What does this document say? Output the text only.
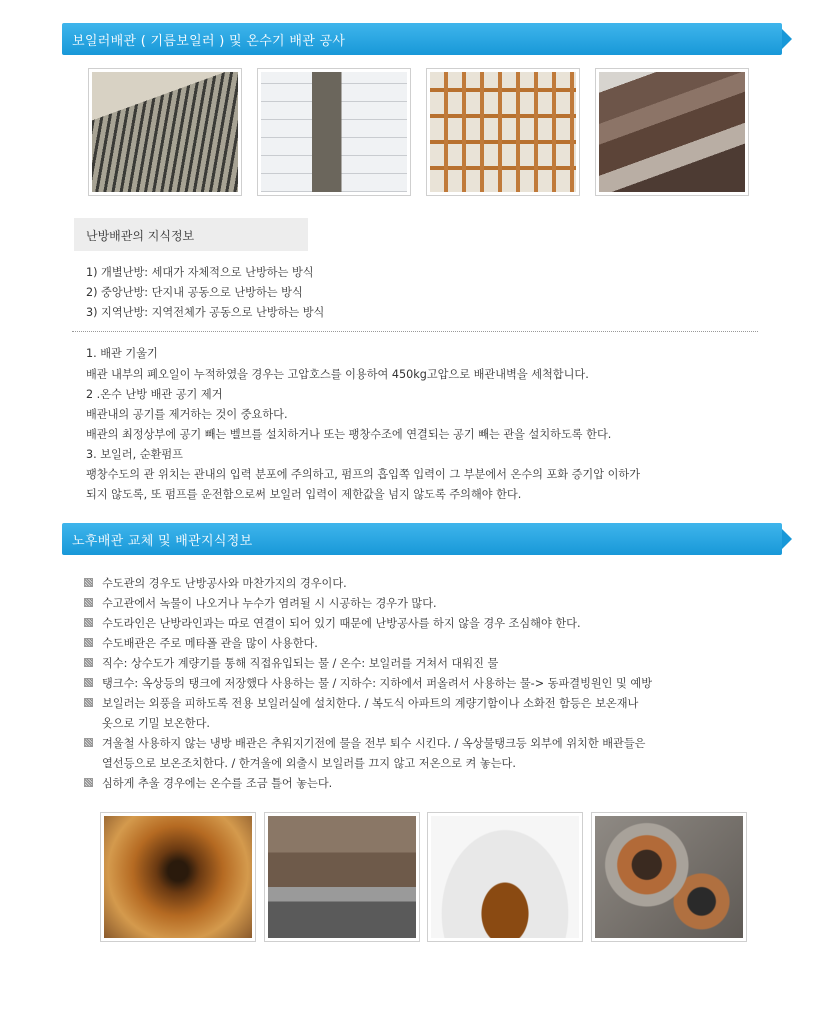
보일러배관 ( 기름보일러 ) 및 온수기 배관 공사
난방배관의 지식정보
1) 개별난방: 세대가 자체적으로 난방하는 방식
2) 중앙난방: 단지내 공동으로 난방하는 방식
3) 지역난방: 지역전체가 공동으로 난방하는 방식
1. 배관 기울기
배관 내부의 폐오일이 누적하였을 경우는 고압호스를 이용하여 450kg고압으로 배관내벽을 세척합니다.
2 .온수 난방 배관 공기 제거
배관내의 공기를 제거하는 것이 중요하다.
배관의 최정상부에 공기 빼는 벨브를 설치하거나 또는 팽창수조에 연결되는 공기 빼는 관을 설치하도록 한다.
3. 보일러, 순환펌프
팽창수도의 관 위치는 관내의 입력 분포에 주의하고, 펌프의 흡입쪽 입력이 그 부분에서 온수의 포화 증기압 이하가
되지 않도록, 또 펌프를 운전함으로써 보일러 입력이 제한값을 넘지 않도록 주의해야 한다.
노후배관 교체 및 배관지식정보
수도관의 경우도 난방공사와 마찬가지의 경우이다.
수고관에서 녹물이 나오거나 누수가 염려될 시 시공하는 경우가 많다.
수도라인은 난방라인과는 따로 연결이 되어 있기 때문에 난방공사를 하지 않을 경우 조심해야 한다.
수도배관은 주로 메타폴 관을 많이 사용한다.
직수: 상수도가 계량기를 통해 직접유입되는 물 / 온수: 보일러를 거쳐서 대워진 물
탱크수: 옥상등의 탱크에 저장했다 사용하는 물 / 지하수: 지하에서 퍼올려서 사용하는 물-> 동파결빙원인 및 예방
보일러는 외풍을 피하도록 전용 보일러실에 설치한다. / 복도식 아파트의 계량기함이나 소화전 함등은 보온재나
옷으로 기밀 보온한다.
겨울철 사용하지 않는 냉방 배관은 추워지기전에 물을 전부 퇴수 시킨다. / 옥상물탱크등 외부에 위치한 배관들은
열선등으로 보온조치한다. / 한겨울에 외출시 보일러를 끄지 않고 저온으로 켜 놓는다.
심하게 추울 경우에는 온수를 조금 틀어 놓는다.
